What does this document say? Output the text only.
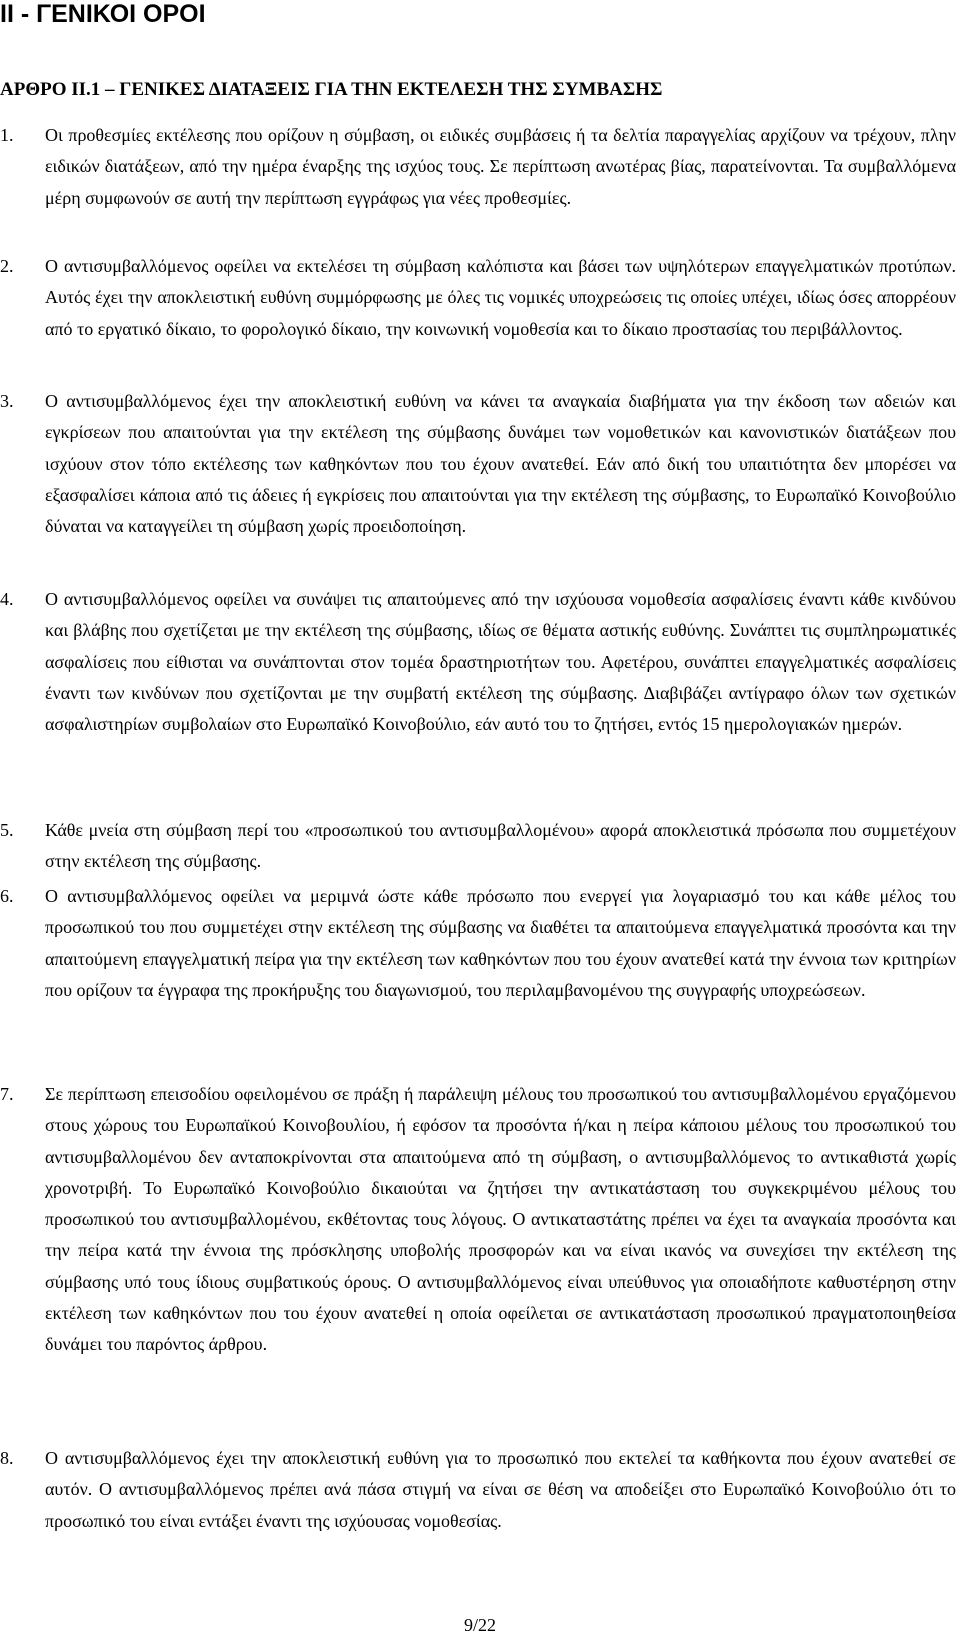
II - ΓΕΝΙΚΟΙ ΟΡΟΙ
ΑΡΘΡΟ ΙΙ.1 – ΓΕΝΙΚΕΣ ΔΙΑΤΑΞΕΙΣ ΓΙΑ ΤΗΝ ΕΚΤΕΛΕΣΗ ΤΗΣ ΣΥΜΒΑΣΗΣ
1.	Οι προθεσμίες εκτέλεσης που ορίζουν η σύμβαση, οι ειδικές συμβάσεις ή τα δελτία παραγγελίας αρχίζουν να τρέχουν, πλην ειδικών διατάξεων, από την ημέρα έναρξης της ισχύος τους. Σε περίπτωση ανωτέρας βίας, παρατείνονται. Τα συμβαλλόμενα μέρη συμφωνούν σε αυτή την περίπτωση εγγράφως για νέες προθεσμίες.
2.	Ο αντισυμβαλλόμενος οφείλει να εκτελέσει τη σύμβαση καλόπιστα και βάσει των υψηλότερων επαγγελματικών προτύπων. Αυτός έχει την αποκλειστική ευθύνη συμμόρφωσης με όλες τις νομικές υποχρεώσεις τις οποίες υπέχει, ιδίως όσες απορρέουν από το εργατικό δίκαιο, το φορολογικό δίκαιο, την κοινωνική νομοθεσία και το δίκαιο προστασίας του περιβάλλοντος.
3.	Ο αντισυμβαλλόμενος έχει την αποκλειστική ευθύνη να κάνει τα αναγκαία διαβήματα για την έκδοση των αδειών και εγκρίσεων που απαιτούνται για την εκτέλεση της σύμβασης δυνάμει των νομοθετικών και κανονιστικών διατάξεων που ισχύουν στον τόπο εκτέλεσης των καθηκόντων που του έχουν ανατεθεί. Εάν από δική του υπαιτιότητα δεν μπορέσει να εξασφαλίσει κάποια από τις άδειες ή εγκρίσεις που απαιτούνται για την εκτέλεση της σύμβασης, το Ευρωπαϊκό Κοινοβούλιο δύναται να καταγγείλει τη σύμβαση χωρίς προειδοποίηση.
4.	Ο αντισυμβαλλόμενος οφείλει να συνάψει τις απαιτούμενες από την ισχύουσα νομοθεσία ασφαλίσεις έναντι κάθε κινδύνου και βλάβης που σχετίζεται με την εκτέλεση της σύμβασης, ιδίως σε θέματα αστικής ευθύνης. Συνάπτει τις συμπληρωματικές ασφαλίσεις που είθισται να συνάπτονται στον τομέα δραστηριοτήτων του. Αφετέρου, συνάπτει επαγγελματικές ασφαλίσεις έναντι των κινδύνων που σχετίζονται με την συμβατή εκτέλεση της σύμβασης. Διαβιβάζει αντίγραφο όλων των σχετικών ασφαλιστηρίων συμβολαίων στο Ευρωπαϊκό Κοινοβούλιο, εάν αυτό του το ζητήσει, εντός 15 ημερολογιακών ημερών.
5.	Κάθε μνεία στη σύμβαση περί του «προσωπικού του αντισυμβαλλομένου» αφορά αποκλειστικά πρόσωπα που συμμετέχουν στην εκτέλεση της σύμβασης.
6.	Ο αντισυμβαλλόμενος οφείλει να μεριμνά ώστε κάθε πρόσωπο που ενεργεί για λογαριασμό του και κάθε μέλος του προσωπικού του που συμμετέχει στην εκτέλεση της σύμβασης να διαθέτει τα απαιτούμενα επαγγελματικά προσόντα και την απαιτούμενη επαγγελματική πείρα για την εκτέλεση των καθηκόντων που του έχουν ανατεθεί κατά την έννοια των κριτηρίων που ορίζουν τα έγγραφα της προκήρυξης του διαγωνισμού, του περιλαμβανομένου της συγγραφής υποχρεώσεων.
7.	Σε περίπτωση επεισοδίου οφειλομένου σε πράξη ή παράλειψη μέλους του προσωπικού του αντισυμβαλλομένου εργαζόμενου στους χώρους του Ευρωπαϊκού Κοινοβουλίου, ή εφόσον τα προσόντα ή/και η πείρα κάποιου μέλους του προσωπικού του αντισυμβαλλομένου δεν ανταποκρίνονται στα απαιτούμενα από τη σύμβαση, ο αντισυμβαλλόμενος το αντικαθιστά χωρίς χρονοτριβή. Το Ευρωπαϊκό Κοινοβούλιο δικαιούται να ζητήσει την αντικατάσταση του συγκεκριμένου μέλους του προσωπικού του αντισυμβαλλομένου, εκθέτοντας τους λόγους. Ο αντικαταστάτης πρέπει να έχει τα αναγκαία προσόντα και την πείρα κατά την έννοια της πρόσκλησης υποβολής προσφορών και να είναι ικανός να συνεχίσει την εκτέλεση της σύμβασης υπό τους ίδιους συμβατικούς όρους. Ο αντισυμβαλλόμενος είναι υπεύθυνος για οποιαδήποτε καθυστέρηση στην εκτέλεση των καθηκόντων που του έχουν ανατεθεί η οποία οφείλεται σε αντικατάσταση προσωπικού πραγματοποιηθείσα δυνάμει του παρόντος άρθρου.
8.	Ο αντισυμβαλλόμενος έχει την αποκλειστική ευθύνη για το προσωπικό που εκτελεί τα καθήκοντα που έχουν ανατεθεί σε αυτόν. Ο αντισυμβαλλόμενος πρέπει ανά πάσα στιγμή να είναι σε θέση να αποδείξει στο Ευρωπαϊκό Κοινοβούλιο ότι το προσωπικό του είναι εντάξει έναντι της ισχύουσας νομοθεσίας.
9/22
